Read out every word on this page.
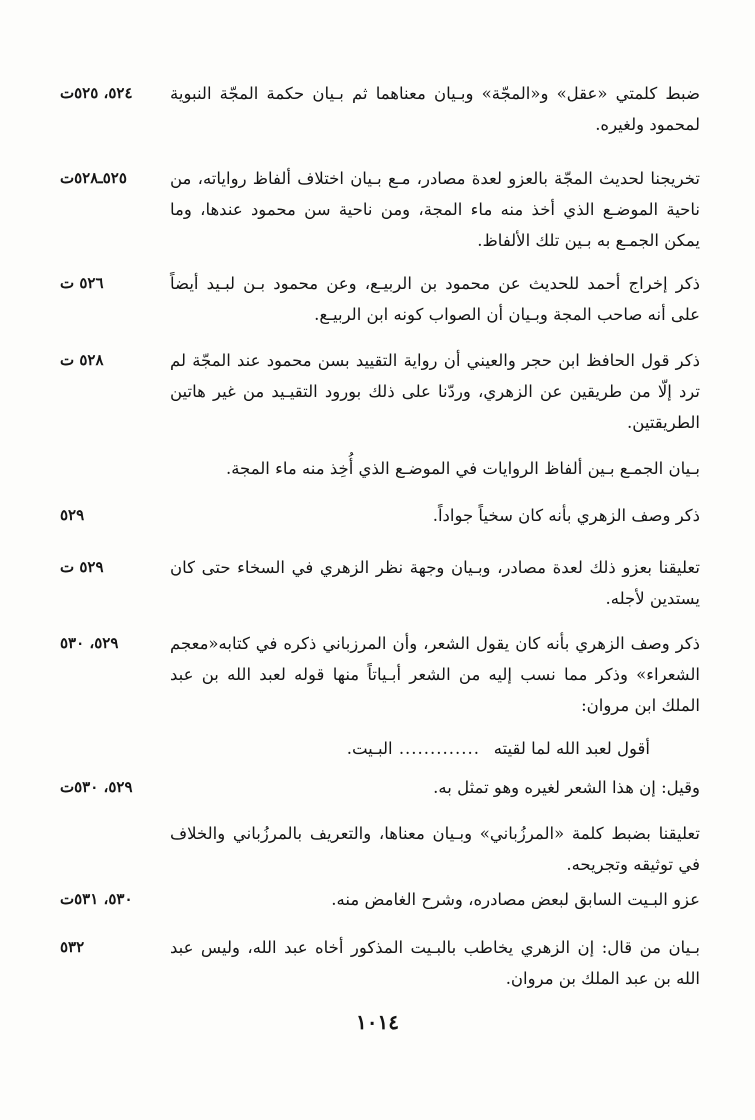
ضبط كلمتي «عقل» و«المجّة» وبـيان معناهما ثم بـيان حكمة المجّة النبوية لمحمود ولغيره.
٥٢٤، ٥٢٥ت
تخريجنا لحديث المجّة بالعزو لعدة مصادر، مـع بـيان اختلاف ألفاظ رواياته، من ناحية الموضـع الذي أخذ منه ماء المجة، ومن ناحية سن محمود عندها، وما يمكن الجمـع به بـين تلك الألفاظ.
٥٢٥ـ٥٢٨ت
ذكر إخراج أحمد للحديث عن محمود بن الربيـع، وعن محمود بـن لبـيد أيضاً على أنه صاحب المجة وبـيان أن الصواب كونه ابن الربيـع.
٥٢٦ ت
ذكر قول الحافظ ابن حجر والعيني أن رواية التقييد بسن محمود عند المجّة لم ترد إلّا من طريقين عن الزهري، وردّنا على ذلك بورود التقيـيد من غير هاتين الطريقتين.
٥٢٨ ت
بـيان الجمـع بـين ألفاظ الروايات في الموضـع الذي أُخِذ منه ماء المجة.
ذكر وصف الزهري بأنه كان سخياً جواداً.
٥٢٩
تعليقنا بعزو ذلك لعدة مصادر، وبـيان وجهة نظر الزهري في السخاء حتى كان يستدين لأجله.
٥٢٩ ت
ذكر وصف الزهري بأنه كان يقول الشعر، وأن المرزباني ذكره في كتابه«معجم الشعراء» وذكر مما نسب إليه من الشعر أبـياتاً منها قوله لعبد الله بن عبد الملك ابن مروان:
٥٢٩، ٥٣٠
أقول لعبد الله لما لقيته
............. البـيت.
وقيل: إن هذا الشعر لغيره وهو تمثل به.
٥٢٩، ٥٣٠ت
تعليقنا بضبط كلمة «المرزُباني» وبـيان معناها، والتعريف بالمرزُباني والخلاف في توثيقه وتجريحه.
عزو البـيت السابق لبعض مصادره، وشرح الغامض منه.
٥٣٠، ٥٣١ت
بـيان من قال: إن الزهري يخاطب بالبـيت المذكور أخاه عبد الله، وليس عبد الله بن عبد الملك بن مروان.
٥٣٢
١٠١٤
